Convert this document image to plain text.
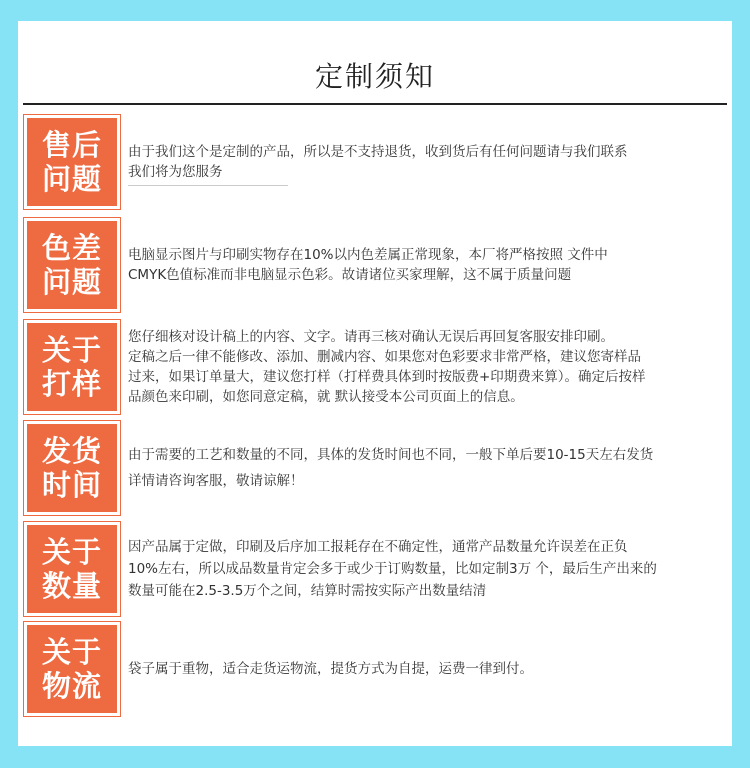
定制须知
售后
问题

由于我们这个是定制的产品，所以是不支持退货，收到货后有任何问题请与我们联系

我们将为您服务

色差
问题

电脑显示图片与印刷实物存在10%以内色差属正常现象，本厂将严格按照 文件中

CMYK色值标准而非电脑显示色彩。故请诸位买家理解，这不属于质量问题

关于
打样

您仔细核对设计稿上的内容、文字。请再三核对确认无误后再回复客服安排印刷。

定稿之后一律不能修改、添加、删减内容、如果您对色彩要求非常严格，建议您寄样品

过来，如果订单量大，建议您打样（打样费具体到时按版费+印期费来算）。确定后按样

品颜色来印刷，如您同意定稿，就 默认接受本公司页面上的信息。

发货
时间

由于需要的工艺和数量的不同，具体的发货时间也不同，一般下单后要10-15天左右发货

详情请咨询客服，敬请谅解！

关于
数量

因产品属于定做，印刷及后序加工报耗存在不确定性，通常产品数量允许误差在正负

10%左右，所以成品数量肯定会多于或少于订购数量，比如定制3万 个，最后生产出来的

数量可能在2.5-3.5万个之间，结算时需按实际产出数量结清

关于
物流 袋子属于重物，适合走货运物流，提货方式为自提，运费一律到付。
